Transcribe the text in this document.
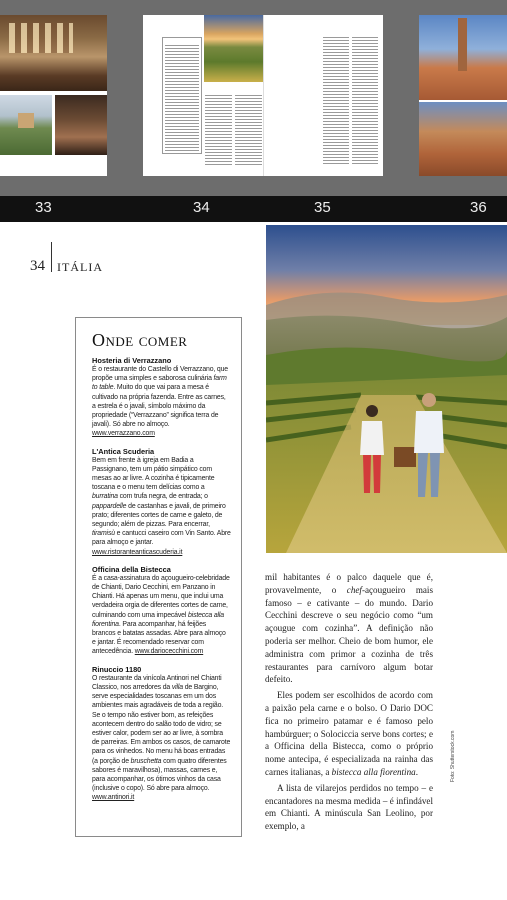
33	34	35	36
34 ITÁLIA
Onde comer
Hosteria di Verrazzano
É o restaurante do Castello di Verrazzano, que propõe uma simples e saborosa culinária farm to table. Muito do que vai para a mesa é cultivado na própria fazenda. Entre as carnes, a estrela é o javali, símbolo máximo da propriedade (“Verrazzano” significa terra de javali). Só abre no almoço. www.verrazzano.com
L'Antica Scuderia
Bem em frente à igreja em Badia a Passignano, tem um pátio simpático com mesas ao ar livre. A cozinha é tipicamente toscana e o menu tem delícias como a burratina com trufa negra, de entrada; o pappardelle de castanhas e javali, de primeiro prato; diferentes cortes de carne e galeto, de segundo; além de pizzas. Para encerrar, tiramisù e cantucci caseiro com Vin Santo. Abre para almoço e jantar. www.ristoranteanticascuderia.it
Officina della Bistecca
É a casa-assinatura do açougueiro-celebridade de Chianti, Dario Cecchini, em Panzano in Chianti. Há apenas um menu, que inclui uma verdadeira orgia de diferentes cortes de carne, culminando com uma impecável bistecca alla fiorentina. Para acompanhar, há feijões brancos e batatas assadas. Abre para almoço e jantar. É recomendado reservar com antecedência. www.dariocecchini.com
Rinuccio 1180
O restaurante da vinícola Antinori nel Chianti Classico, nos arredores da villa de Bargino, serve especialidades toscanas em um dos ambientes mais agradáveis de toda a região. Se o tempo não estiver bom, as refeições acontecem dentro do salão todo de vidro; se estiver calor, podem ser ao ar livre, à sombra de parreiras. Em ambos os casos, de camarote para os vinhedos. No menu há boas entradas (a porção de bruschetta com quatro diferentes sabores é maravilhosa), massas, carnes e, para acompanhar, os ótimos vinhos da casa (inclusive o copo). Só abre para almoço. www.antinori.it

mil habitantes é o palco daquele que é, provavelmente, o chef-açougueiro mais famoso – e cativante – do mundo. Dario Cecchini descreve o seu negócio como “um açougue com cozinha”. A definição não poderia ser melhor. Cheio de bom humor, ele administra com primor a cozinha de três restaurantes para carnívoro algum botar defeito.

Eles podem ser escolhidos de acordo com a paixão pela carne e o bolso. O Dario DOC fica no primeiro patamar e é famoso pelo hambúrguer; o Solociccia serve bons cortes; e a Officina della Bistecca, como o próprio nome antecipa, é especializada na rainha das carnes italianas, a bistecca alla fiorentina.

A lista de vilarejos perdidos no tempo – e encantadores na mesma medida – é infindável em Chianti. A minúscula San Leolino, por exemplo, a

Foto: Shutterstock.com
